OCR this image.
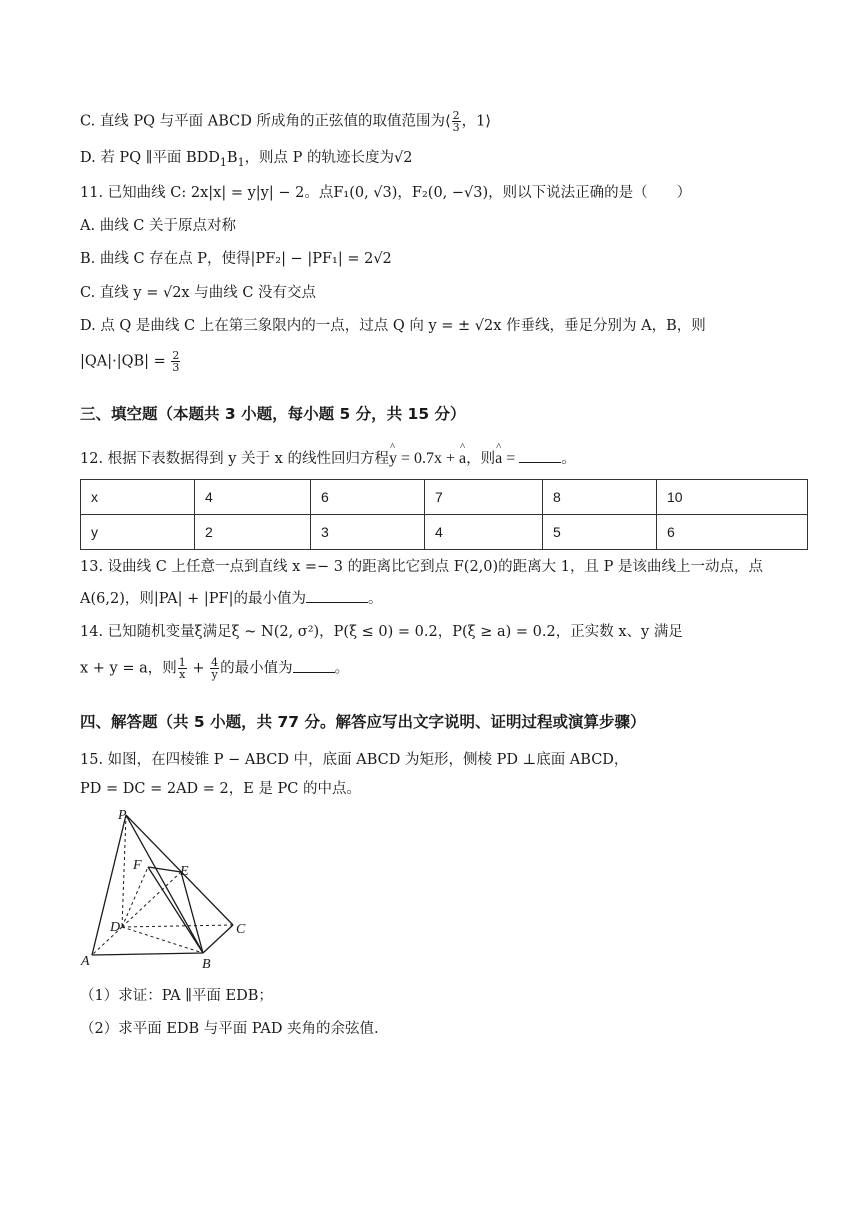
C. 直线 PQ 与平面 ABCD 所成角的正弦值的取值范围为⟨ $\frac{2}{3}$ ，1⟩
D. 若 PQ ∥平面 $BDD_1B_1$，则点 P 的轨迹长度为√2
11. 已知曲线 C: 2x|x| = y|y| − 2。点F₁(0, √3)，F₂(0, −√3)，则以下说法正确的是（　　）
A. 曲线 C 关于原点对称
B. 曲线 C 存在点 P，使得|PF₂| − |PF₁| = 2√2
C. 直线 y = √2x 与曲线 C 没有交点
D. 点 Q 是曲线 C 上在第三象限内的一点，过点 Q 向 y = ± √2x 作垂线，垂足分别为 A，B，则
$|QA|\cdot|QB| = \frac{2}{3}$
三、填空题（本题共 3 小题，每小题 5 分，共 15 分）
12. 根据下表数据得到 y 关于 x 的线性回归方程^ y = 0.7x + ^ a，则^ a =	。
x	4	6	7	8	10
y	2	3	4	5	6
13. 设曲线 C 上任意一点到直线 x =− 3 的距离比它到点 F(2,0)的距离大 1，且 P 是该曲线上一动点，点
A(6,2)，则|PA| + |PF|的最小值为	。
14. 已知随机变量ξ满足ξ ~ N(2, σ²)，P(ξ ≤ 0) = 0.2，P(ξ ≥ a) = 0.2，正实数 x、y 满足
x + y = a，则 $\frac{1}{x} + \frac{4}{y}$ 的最小值为	。
四、解答题（共 5 小题，共 77 分。解答应写出文字说明、证明过程或演算步骤）
15. 如图，在四棱锥 P − ABCD 中，底面 ABCD 为矩形，侧棱 PD ⊥底面 ABCD，
PD = DC = 2AD = 2，E 是 PC 的中点。
P
F	E
D	C
A	B
（1）求证：PA ∥平面 EDB；
（2）求平面 EDB 与平面 PAD 夹角的余弦值.
